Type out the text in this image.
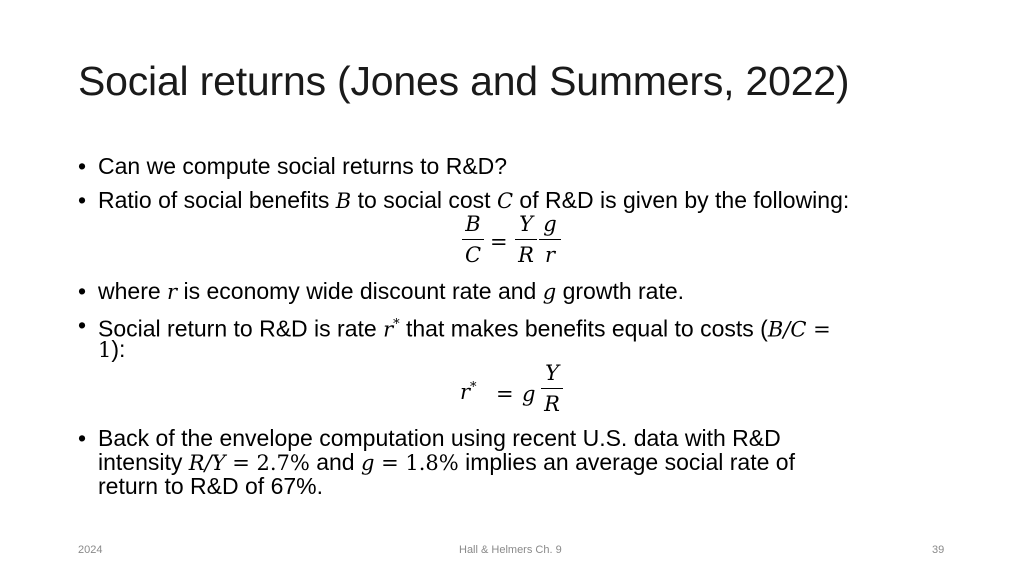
Social returns (Jones and Summers, 2022)
• Can we compute social returns to R&D?
• Ratio of social benefits B to social cost C of R&D is given by the following:
B
C
=
Y
R
g
r
• where r is economy wide discount rate and g growth rate.
• Social return to R&D is rate r* that makes benefits equal to costs (B/C =
1):
r* = g
Y
R
• Back of the envelope computation using recent U.S. data with R&D
intensity R/Y = 2.7% and g = 1.8% implies an average social rate of
return to R&D of 67%.
2024	Hall & Helmers Ch. 9	39
